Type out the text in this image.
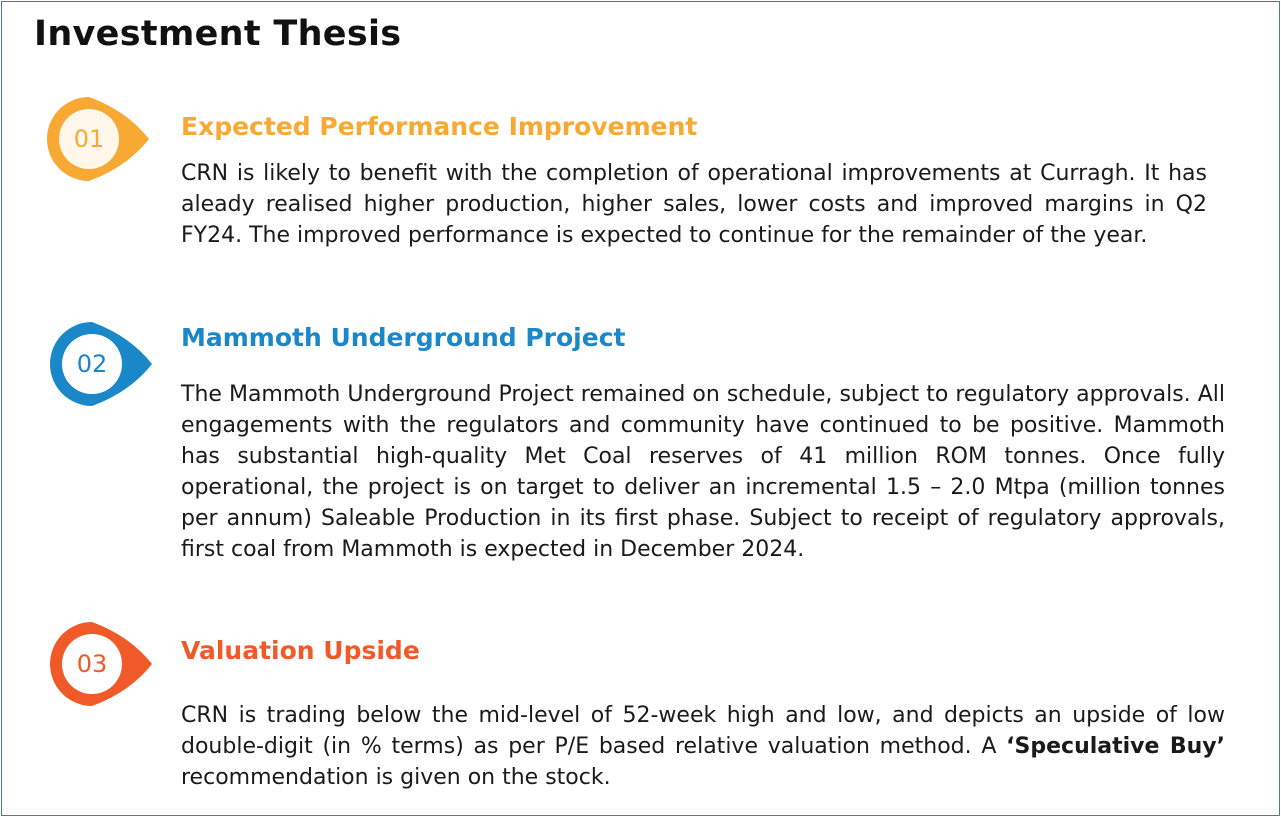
Investment Thesis
01	Expected Performance Improvement
CRN is likely to benefit with the completion of operational improvements at Curragh. It has aleady realised higher production, higher sales, lower costs and improved margins in Q2 FY24. The improved performance is expected to continue for the remainder of the year.
02
Mammoth Underground Project
The Mammoth Underground Project remained on schedule, subject to regulatory approvals. All engagements with the regulators and community have continued to be positive. Mammoth has substantial high-quality Met Coal reserves of 41 million ROM tonnes. Once fully operational, the project is on target to deliver an incremental 1.5 – 2.0 Mtpa (million tonnes per annum) Saleable Production in its first phase. Subject to receipt of regulatory approvals, first coal from Mammoth is expected in December 2024.
03	Valuation Upside
CRN is trading below the mid-level of 52-week high and low, and depicts an upside of low double-digit (in % terms) as per P/E based relative valuation method. A ‘Speculative Buy’ recommendation is given on the stock.
